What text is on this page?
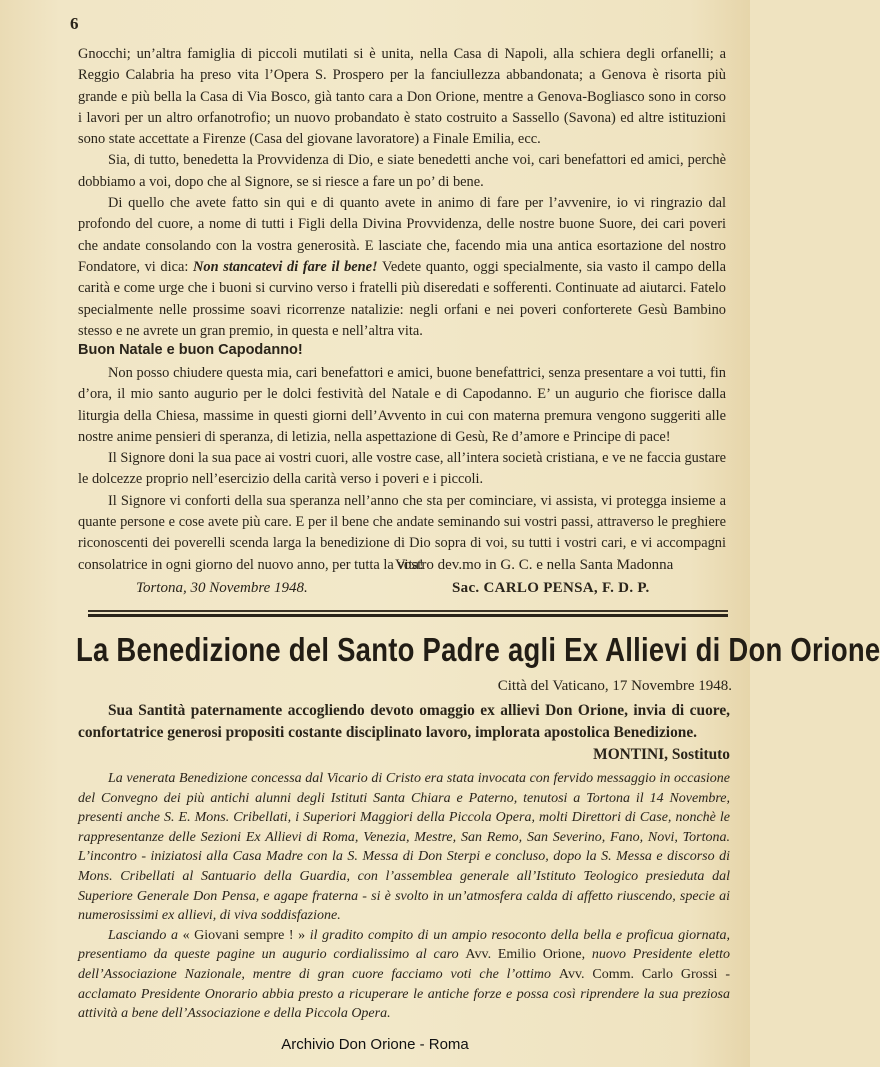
6

Gnocchi; un’altra famiglia di piccoli mutilati si è unita, nella Casa di Napoli, alla schiera degli orfanelli; a Reggio Calabria ha preso vita l’Opera S. Prospero per la fanciullezza abbandonata; a Genova è risorta più grande e più bella la Casa di Via Bosco, già tanto cara a Don Orione, mentre a Genova-Bogliasco sono in corso i lavori per un altro orfanotrofio; un nuovo probandato è stato costruito a Sassello (Savona) ed altre istituzioni sono state accettate a Firenze (Casa del giovane lavoratore) a Finale Emilia, ecc.

Sia, di tutto, benedetta la Provvidenza di Dio, e siate benedetti anche voi, cari benefattori ed amici, perchè dobbiamo a voi, dopo che al Signore, se si riesce a fare un po’ di bene.

Di quello che avete fatto sin qui e di quanto avete in animo di fare per l’avvenire, io vi ringrazio dal profondo del cuore, a nome di tutti i Figli della Divina Provvidenza, delle nostre buone Suore, dei cari poveri che andate consolando con la vostra generosità. E lasciate che, facendo mia una antica esortazione del nostro Fondatore, vi dica: Non stancatevi di fare il bene! Vedete quanto, oggi specialmente, sia vasto il campo della carità e come urge che i buoni si curvino verso i fratelli più diseredati e sofferenti. Continuate ad aiutarci. Fatelo specialmente nelle prossime soavi ricorrenze natalizie: negli orfani e nei poveri conforterete Gesù Bambino stesso e ne avrete un gran premio, in questa e nell’altra vita.

Buon Natale e buon Capodanno!

Non posso chiudere questa mia, cari benefattori e amici, buone benefattrici, senza presentare a voi tutti, fin d’ora, il mio santo augurio per le dolci festività del Natale e di Capodanno. E’ un augurio che fiorisce dalla liturgia della Chiesa, massime in questi giorni dell’Avvento in cui con materna premura vengono suggeriti alle nostre anime pensieri di speranza, di letizia, nella aspettazione di Gesù, Re d’amore e Principe di pace!

Il Signore doni la sua pace ai vostri cuori, alle vostre case, all’intera società cristiana, e ve ne faccia gustare le dolcezze proprio nell’esercizio della carità verso i poveri e i piccoli.

Il Signore vi conforti della sua speranza nell’anno che sta per cominciare, vi assista, vi protegga insieme a quante persone e cose avete più care. E per il bene che andate seminando sui vostri passi, attraverso le preghiere riconoscenti dei poverelli scenda larga la benedizione di Dio sopra di voi, su tutti i vostri cari, e vi accompagni consolatrice in ogni giorno del nuovo anno, per tutta la vita!

Vostro dev.mo in G. C. e nella Santa Madonna
Tortona, 30 Novembre 1948.	Sac. CARLO PENSA, F. D. P.
La Benedizione del Santo Padre agli Ex Allievi di Don Orione
Città del Vaticano, 17 Novembre 1948.
Sua Santità paternamente accogliendo devoto omaggio ex allievi Don Orione, invia di cuore, confortatrice generosi propositi costante disciplinato lavoro, implorata apostolica Benedizione.
MONTINI, Sostituto

La venerata Benedizione concessa dal Vicario di Cristo era stata invocata con fervido messaggio in occasione del Convegno dei più antichi alunni degli Istituti Santa Chiara e Paterno, tenutosi a Tortona il 14 Novembre, presenti anche S. E. Mons. Cribellati, i Superiori Maggiori della Piccola Opera, molti Direttori di Case, nonchè le rappresentanze delle Sezioni Ex Allievi di Roma, Venezia, Mestre, San Remo, San Severino, Fano, Novi, Tortona. L’incontro - iniziatosi alla Casa Madre con la S. Messa di Don Sterpi e concluso, dopo la S. Messa e discorso di Mons. Cribellati al Santuario della Guardia, con l’assemblea generale all’Istituto Teologico presieduta dal Superiore Generale Don Pensa, e agape fraterna - si è svolto in un’atmosfera calda di affetto riuscendo, specie ai numerosissimi ex allievi, di viva soddisfazione.

Lasciando a « Giovani sempre ! » il gradito compito di un ampio resoconto della bella e proficua giornata, presentiamo da queste pagine un augurio cordialissimo al caro Avv. Emilio Orione, nuovo Presidente eletto dell’Associazione Nazionale, mentre di gran cuore facciamo voti che l’ottimo Avv. Comm. Carlo Grossi - acclamato Presidente Onorario abbia presto a ricuperare le antiche forze e possa così riprendere la sua preziosa attività a bene dell’Associazione e della Piccola Opera.

Archivio Don Orione - Roma
